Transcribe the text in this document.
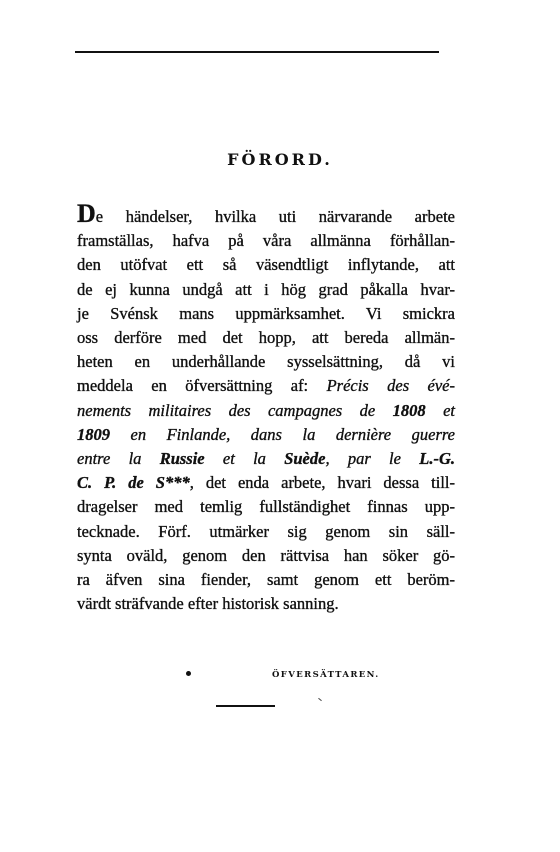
FÖRORD.
De händelser, hvilka uti närvarande arbete
framställas, hafva på våra allmänna förhållan-
den utöfvat ett så väsendtligt inflytande, att
de ej kunna undgå att i hög grad påkalla hvar-
je Svénsk mans uppmärksamhet. Vi smickra
oss derföre med det hopp, att bereda allmän-
heten en underhållande sysselsättning, då vi
meddela en öfversättning af: Précis des évé-
nements militaires des campagnes de 1808 et
1809 en Finlande, dans la dernière guerre
entre la Russie et la Suède, par le L.-G.
C. P. de S***, det enda arbete, hvari dessa till-
dragelser med temlig fullständighet finnas upp-
tecknade. Förf. utmärker sig genom sin säll-
synta oväld, genom den rättvisa han söker gö-
ra äfven sina fiender, samt genom ett beröm-
värdt sträfvande efter historisk sanning.
ÖFVERSÄTTAREN.
